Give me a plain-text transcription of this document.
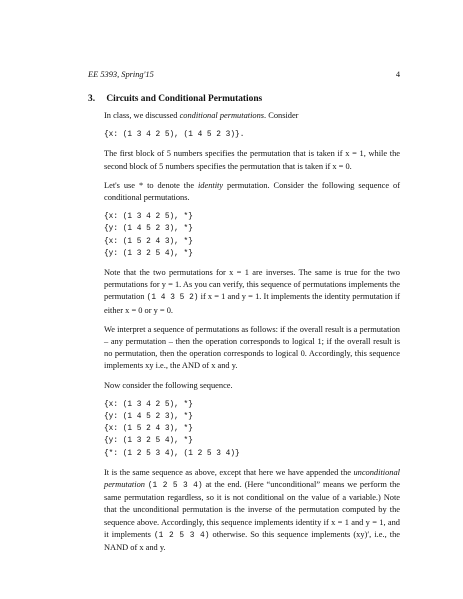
EE 5393, Spring'15	4
3. Circuits and Conditional Permutations

In class, we discussed conditional permutations. Consider

{x: (1 3 4 2 5), (1 4 5 2 3)}.

The first block of 5 numbers specifies the permutation that is taken if x = 1, while the second block of 5 numbers specifies the permutation that is taken if x = 0.

Let's use * to denote the identity permutation. Consider the following sequence of conditional permutations.

{x: (1 3 4 2 5), *}
{y: (1 4 5 2 3), *}
{x: (1 5 2 4 3), *}
{y: (1 3 2 5 4), *}

Note that the two permutations for x = 1 are inverses. The same is true for the two permutations for y = 1. As you can verify, this sequence of permutations implements the permutation (1 4 3 5 2) if x = 1 and y = 1. It implements the identity permutation if either x = 0 or y = 0.

We interpret a sequence of permutations as follows: if the overall result is a permutation – any permutation – then the operation corresponds to logical 1; if the overall result is no permutation, then the operation corresponds to logical 0. Accordingly, this sequence implements xy i.e., the AND of x and y.

Now consider the following sequence.

{x: (1 3 4 2 5), *}
{y: (1 4 5 2 3), *}
{x: (1 5 2 4 3), *}
{y: (1 3 2 5 4), *}
{*: (1 2 5 3 4), (1 2 5 3 4)}

It is the same sequence as above, except that here we have appended the unconditional permutation (1 2 5 3 4) at the end. (Here “unconditional” means we perform the same permutation regardless, so it is not conditional on the value of a variable.) Note that the unconditional permutation is the inverse of the permutation computed by the sequence above. Accordingly, this sequence implements identity if x = 1 and y = 1, and it implements (1 2 5 3 4) otherwise. So this sequence implements (xy)′, i.e., the NAND of x and y.
